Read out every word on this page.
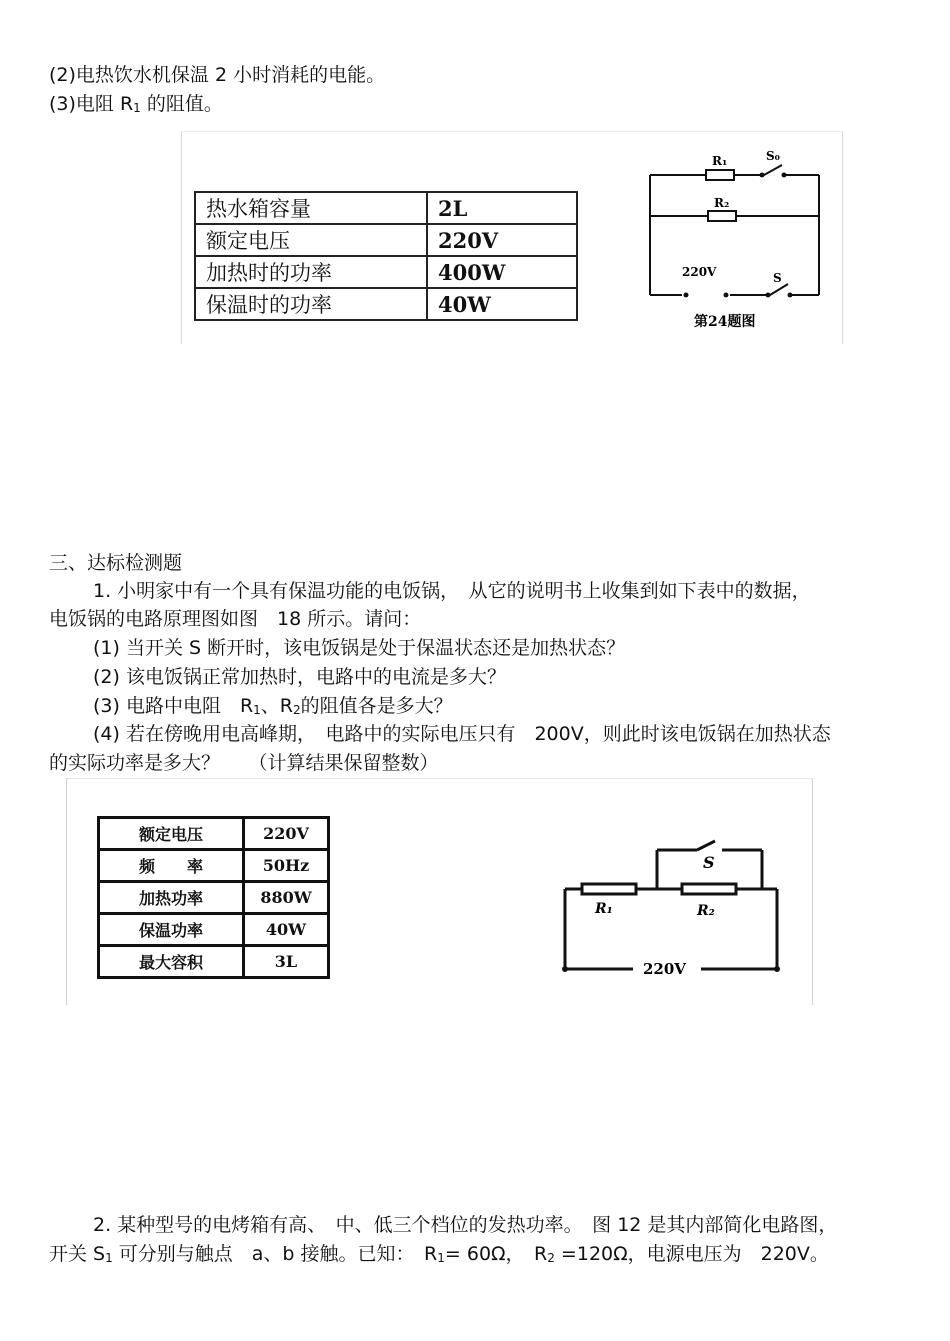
(2)电热饮水机保温 2 小时消耗的电能。
(3)电阻 R1 的阻值。
热水箱容量	2L
额定电压	220V
加热时的功率	400W
保温时的功率	40W
R₁	S₀
R₂
220V	S
第24题图
三、达标检测题
1. 小明家中有一个具有保温功能的电饭锅，　从它的说明书上收集到如下表中的数据，
电饭锅的电路原理图如图　18 所示。请问：
(1) 当开关 S 断开时，该电饭锅是处于保温状态还是加热状态？
(2) 该电饭锅正常加热时，电路中的电流是多大？
(3) 电路中电阻　R1、R2的阻值各是多大？
(4) 若在傍晚用电高峰期，　电路中的实际电压只有　200V，则此时该电饭锅在加热状态
的实际功率是多大？　　（计算结果保留整数）
额定电压	220V
频　　率	50Hz
加热功率	880W
保温功率	40W
最大容积	3L
S
R₁	R₂
220V
2. 某种型号的电烤箱有高、　中、低三个档位的发热功率。　图 12 是其内部简化电路图，
开关 S1 可分别与触点　a、b 接触。已知：　R1= 60Ω，　R2 =120Ω，电源电压为　220V。
